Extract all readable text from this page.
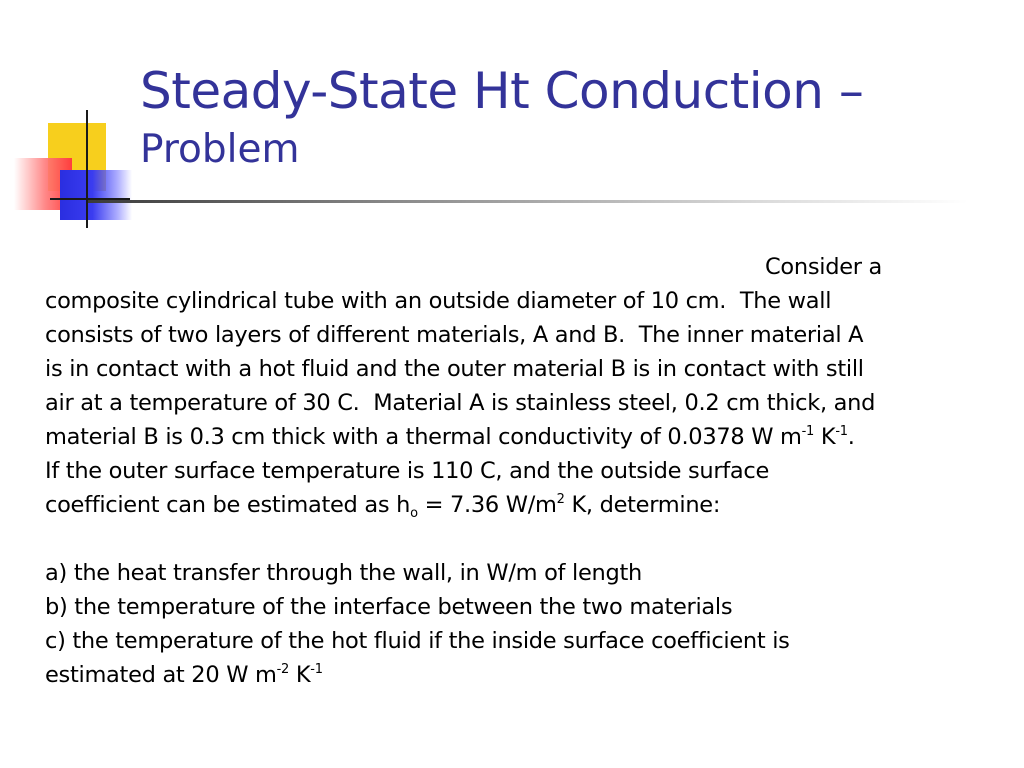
Steady-State Ht Conduction –
Problem

Consider a

composite cylindrical tube with an outside diameter of 10 cm.  The wall

consists of two layers of different materials, A and B.  The inner material A

is in contact with a hot fluid and the outer material B is in contact with still

air at a temperature of 30 C.  Material A is stainless steel, 0.2 cm thick, and

material B is 0.3 cm thick with a thermal conductivity of 0.0378 W $m^{-1}$ $K^{-1}$.

If the outer surface temperature is 110 C, and the outside surface

coefficient can be estimated as $h_o = 7.36$ $W/m^2$ K, determine:

a) the heat transfer through the wall, in W/m of length

b) the temperature of the interface between the two materials

c) the temperature of the hot fluid if the inside surface coefficient is

estimated at 20 W $m^{-2}$ $K^{-1}$
